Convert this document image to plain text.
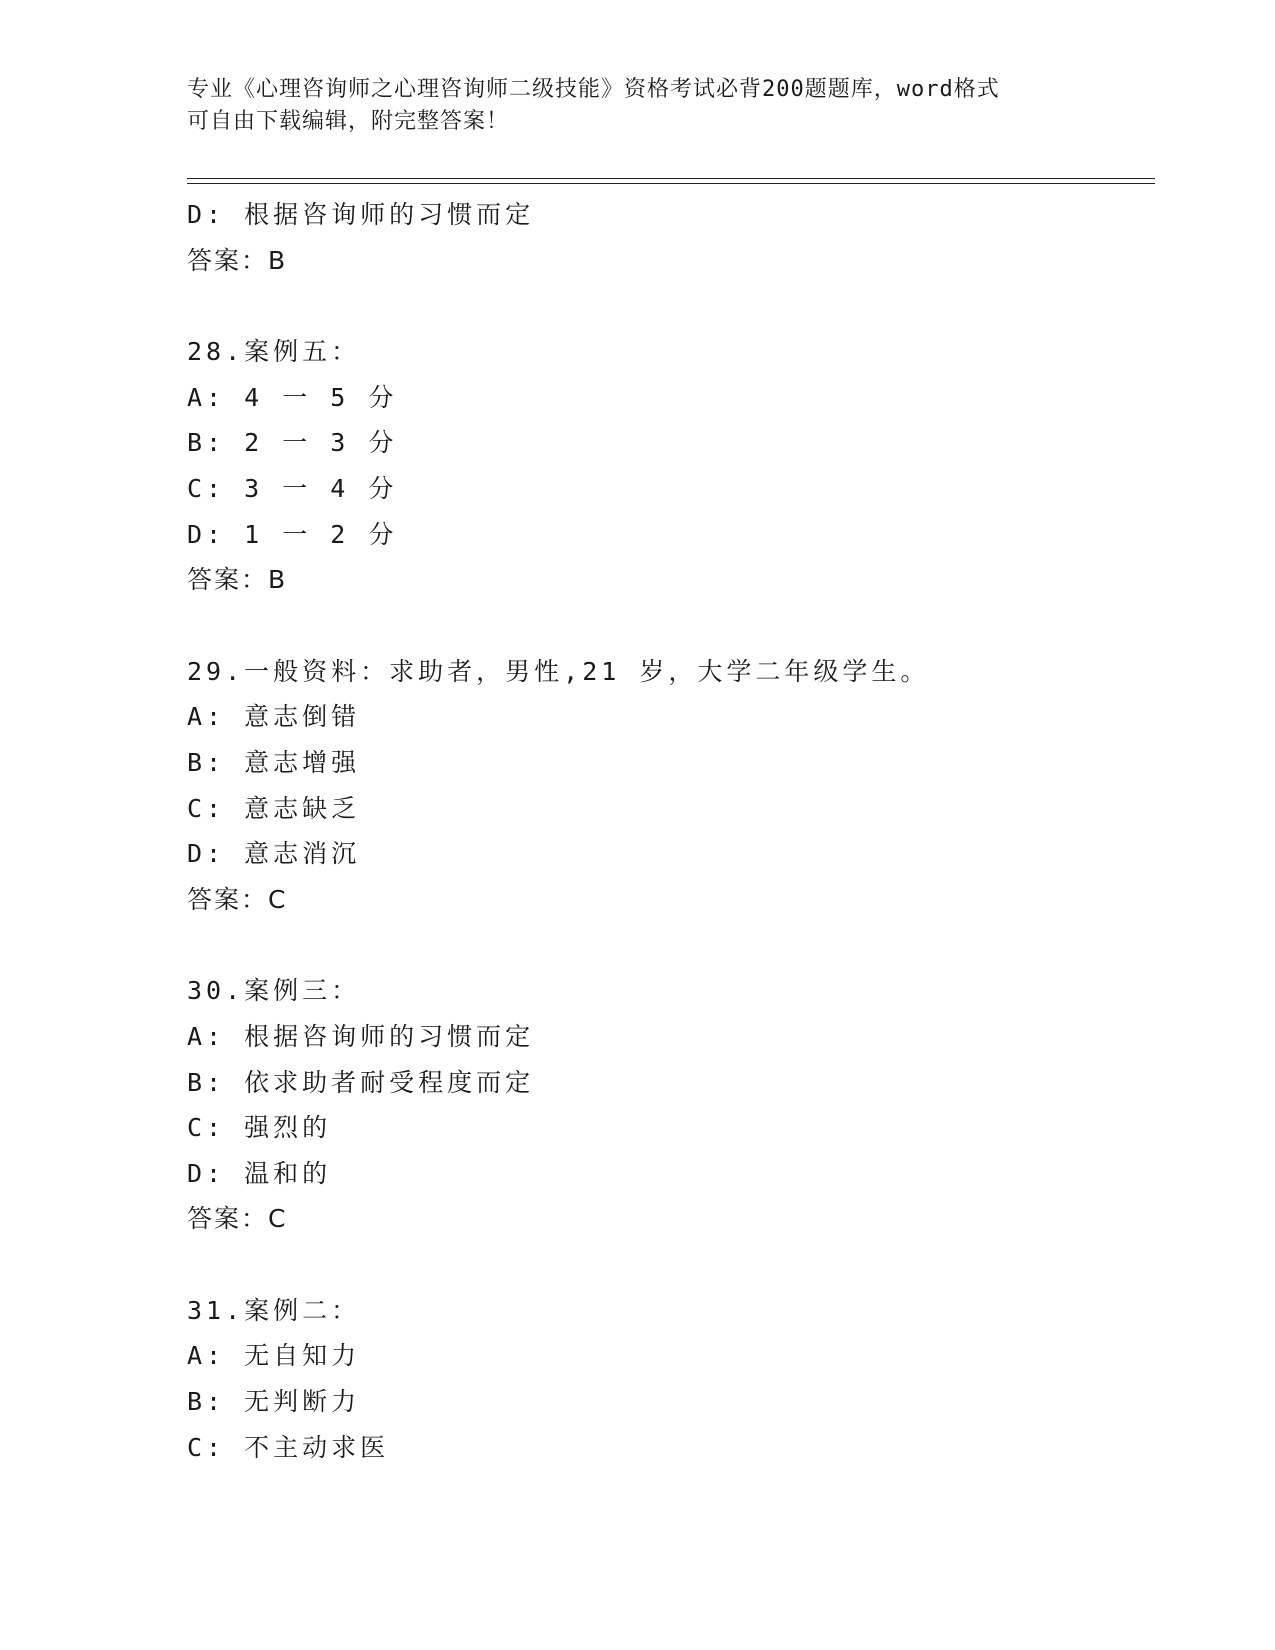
专业《心理咨询师之心理咨询师二级技能》资格考试必背200题题库，word格式
可自由下载编辑，附完整答案！
D: 根据咨询师的习惯而定
答案：B
28.案例五：
A: 4 一 5 分
B: 2 一 3 分
C: 3 一 4 分
D: 1 一 2 分
答案：B
29.一般资料：求助者，男性,21 岁，大学二年级学生。
A: 意志倒错
B: 意志增强
C: 意志缺乏
D: 意志消沉
答案：C
30.案例三：
A: 根据咨询师的习惯而定
B: 依求助者耐受程度而定
C: 强烈的
D: 温和的
答案：C
31.案例二：
A: 无自知力
B: 无判断力
C: 不主动求医
